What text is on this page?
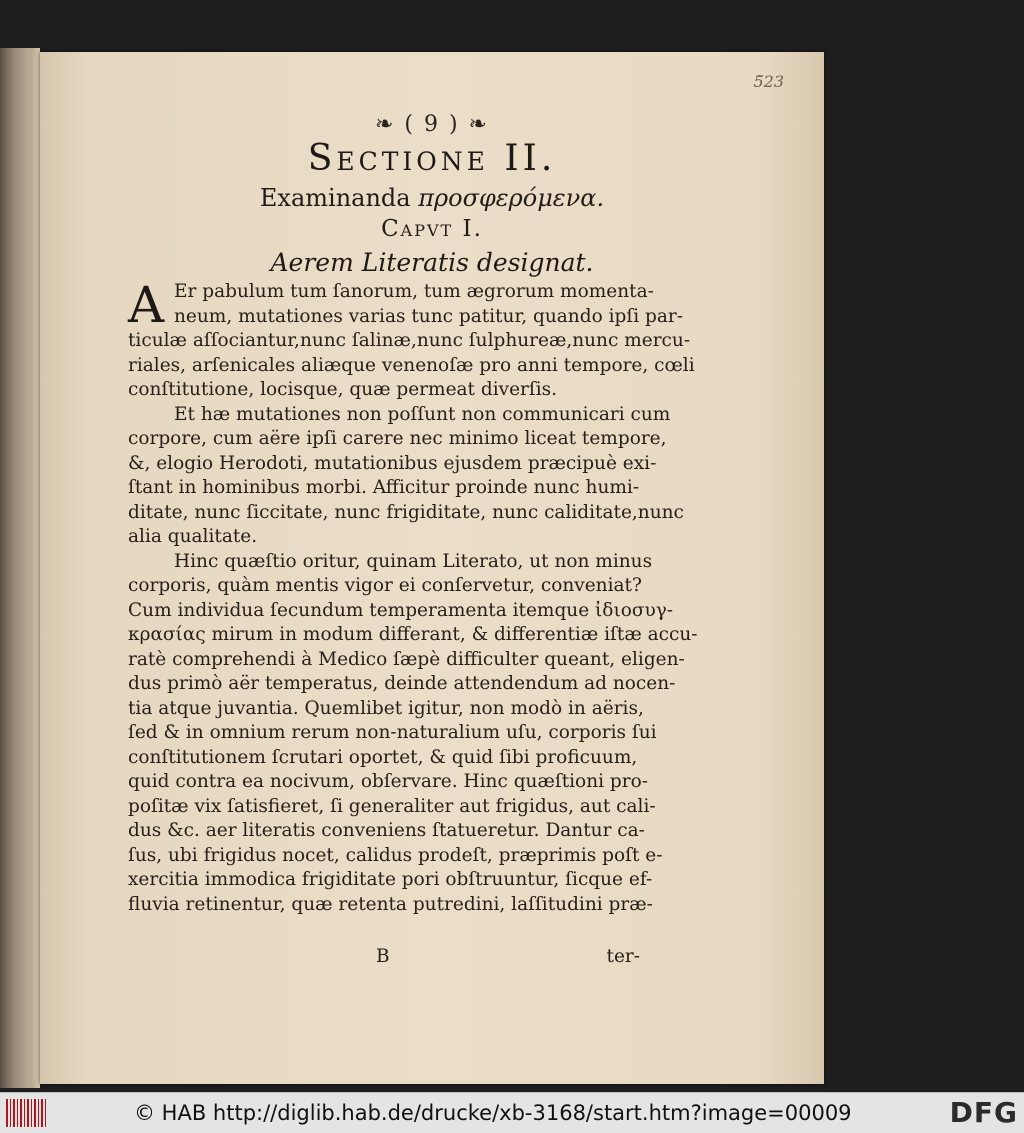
5̃23
❧ ( 9 ) ❧
Sectione II.
Examinanda προσφερόμενα.
Capvt I.
Aerem Literatis designat.
A Er pabulum tum ſanorum, tum ægrorum momenta-
neum, mutationes varias tunc patitur, quando ipſi par-
ticulæ aſſociantur,nunc ſalinæ,nunc ſulphureæ,nunc mercu-
riales, arſenicales aliæque venenoſæ pro anni tempore, cœli
conſtitutione, locisque, quæ permeat diverſis.
Et hæ mutationes non poſſunt non communicari cum
corpore, cum aëre ipſi carere nec minimo liceat tempore,
&, elogio Herodoti, mutationibus ejusdem præcipuè exi-
ſtant in hominibus morbi. Afficitur proinde nunc humi-
ditate, nunc ſiccitate, nunc frigiditate, nunc caliditate,nunc
alia qualitate.
Hinc quæſtio oritur, quinam Literato, ut non minus
corporis, quàm mentis vigor ei conſervetur, conveniat?
Cum individua ſecundum temperamenta itemque ἰδιοσυγ-
κρασίας mirum in modum differant, & differentiæ iſtæ accu-
ratè comprehendi à Medico ſæpè difficulter queant, eligen-
dus primò aër temperatus, deinde attendendum ad nocen-
tia atque juvantia. Quemlibet igitur, non modò in aëris,
ſed & in omnium rerum non-naturalium uſu, corporis ſui
conſtitutionem ſcrutari oportet, & quid ſibi proficuum,
quid contra ea nocivum, obſervare. Hinc quæſtioni pro-
poſitæ vix ſatisfieret, ſi generaliter aut frigidus, aut cali-
dus &c. aer literatis conveniens ſtatueretur. Dantur ca-
ſus, ubi frigidus nocet, calidus prodeſt, præprimis poſt e-
xercitia immodica frigiditate pori obſtruuntur, ſicque ef-
fluvia retinentur, quæ retenta putredini, laſſitudini præ-
B	ter-
© HAB http://diglib.hab.de/drucke/xb-3168/start.htm?image=00009	DFG
